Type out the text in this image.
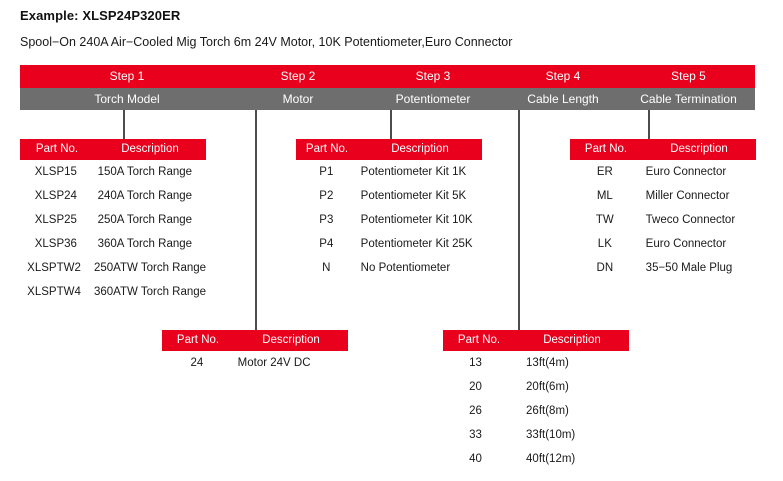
Example: XLSP24P320ER
Spool−On 240A Air−Cooled Mig Torch 6m 24V Motor, 10K Potentiometer,Euro Connector
Step 1	Step 2	Step 3	Step 4	Step 5
Torch Model	Motor	Potentiometer	Cable Length	Cable Termination
Part No.	Description
XLSP15	150A Torch Range
XLSP24	240A Torch Range
XLSP25	250A Torch Range
XLSP36	360A Torch Range
XLSPTW2	250ATW Torch Range
XLSPTW4	360ATW Torch Range
Part No.	Description
P1	Potentiometer Kit 1K
P2	Potentiometer Kit 5K
P3	Potentiometer Kit 10K
P4	Potentiometer Kit 25K
N	No Potentiometer
Part No.	Description
ER	Euro Connector
ML	Miller Connector
TW	Tweco Connector
LK	Euro Connector
DN	35−50 Male Plug
Part No.	Description
24	Motor 24V DC
Part No.	Description
13	13ft(4m)
20	20ft(6m)
26	26ft(8m)
33	33ft(10m)
40	40ft(12m)
